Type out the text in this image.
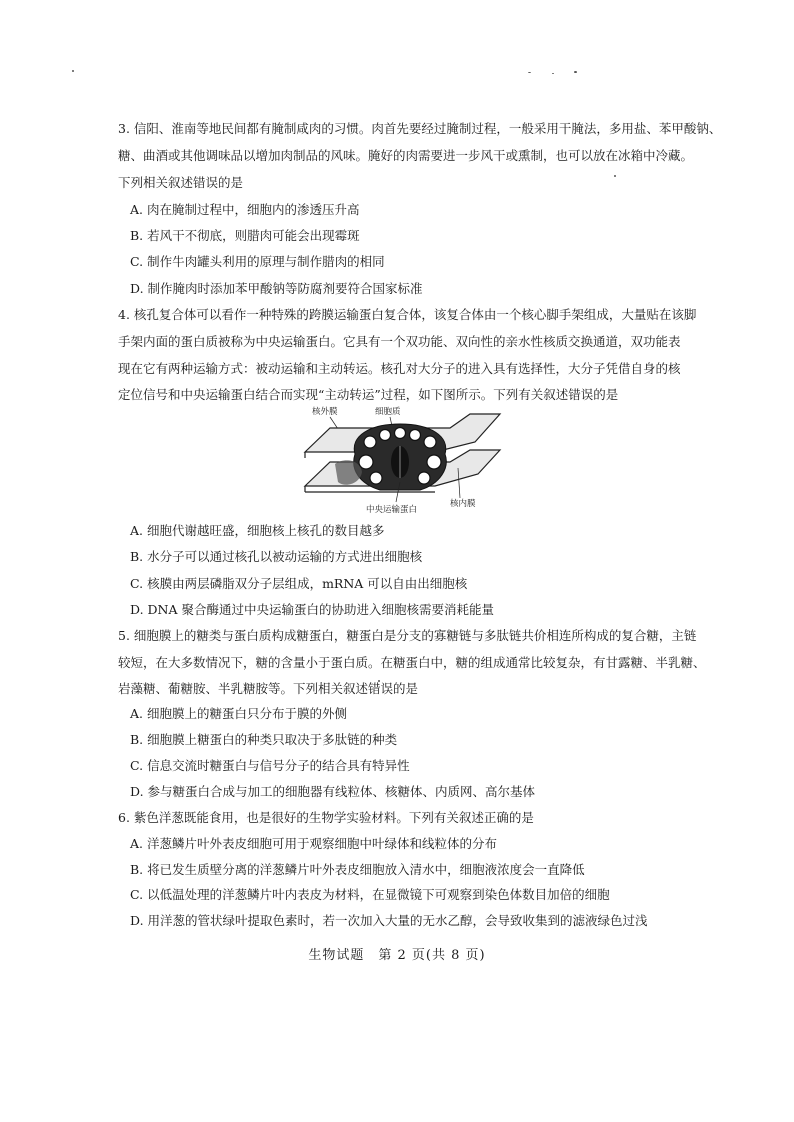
3. 信阳、淮南等地民间都有腌制咸肉的习惯。肉首先要经过腌制过程，一般采用干腌法，多用盐、苯甲酸钠、
糖、曲酒或其他调味品以增加肉制品的风味。腌好的肉需要进一步风干或熏制，也可以放在冰箱中冷藏。
下列相关叙述错误的是
A. 肉在腌制过程中，细胞内的渗透压升高
B. 若风干不彻底，则腊肉可能会出现霉斑
C. 制作牛肉罐头利用的原理与制作腊肉的相同
D. 制作腌肉时添加苯甲酸钠等防腐剂要符合国家标准
4. 核孔复合体可以看作一种特殊的跨膜运输蛋白复合体，该复合体由一个核心脚手架组成，大量贴在该脚
手架内面的蛋白质被称为中央运输蛋白。它具有一个双功能、双向性的亲水性核质交换通道，双功能表
现在它有两种运输方式：被动运输和主动转运。核孔对大分子的进入具有选择性，大分子凭借自身的核
定位信号和中央运输蛋白结合而实现“主动转运”过程，如下图所示。下列有关叙述错误的是
核外膜	细胞质
中央运输蛋白
核内膜
A. 细胞代谢越旺盛，细胞核上核孔的数目越多
B. 水分子可以通过核孔以被动运输的方式进出细胞核
C. 核膜由两层磷脂双分子层组成，mRNA 可以自由出细胞核
D. DNA 聚合酶通过中央运输蛋白的协助进入细胞核需要消耗能量
5. 细胞膜上的糖类与蛋白质构成糖蛋白，糖蛋白是分支的寡糖链与多肽链共价相连所构成的复合糖，主链
较短，在大多数情况下，糖的含量小于蛋白质。在糖蛋白中，糖的组成通常比较复杂，有甘露糖、半乳糖、
岩藻糖、葡糖胺、半乳糖胺等。下列相关叙述错误的是
A. 细胞膜上的糖蛋白只分布于膜的外侧
B. 细胞膜上糖蛋白的种类只取决于多肽链的种类
C. 信息交流时糖蛋白与信号分子的结合具有特异性
D. 参与糖蛋白合成与加工的细胞器有线粒体、核糖体、内质网、高尔基体
6. 紫色洋葱既能食用，也是很好的生物学实验材料。下列有关叙述正确的是
A. 洋葱鳞片叶外表皮细胞可用于观察细胞中叶绿体和线粒体的分布
B. 将已发生质壁分离的洋葱鳞片叶外表皮细胞放入清水中，细胞液浓度会一直降低
C. 以低温处理的洋葱鳞片叶内表皮为材料，在显微镜下可观察到染色体数目加倍的细胞
D. 用洋葱的管状绿叶提取色素时，若一次加入大量的无水乙醇，会导致收集到的滤液绿色过浅
生物试题　第 2 页(共 8 页)
